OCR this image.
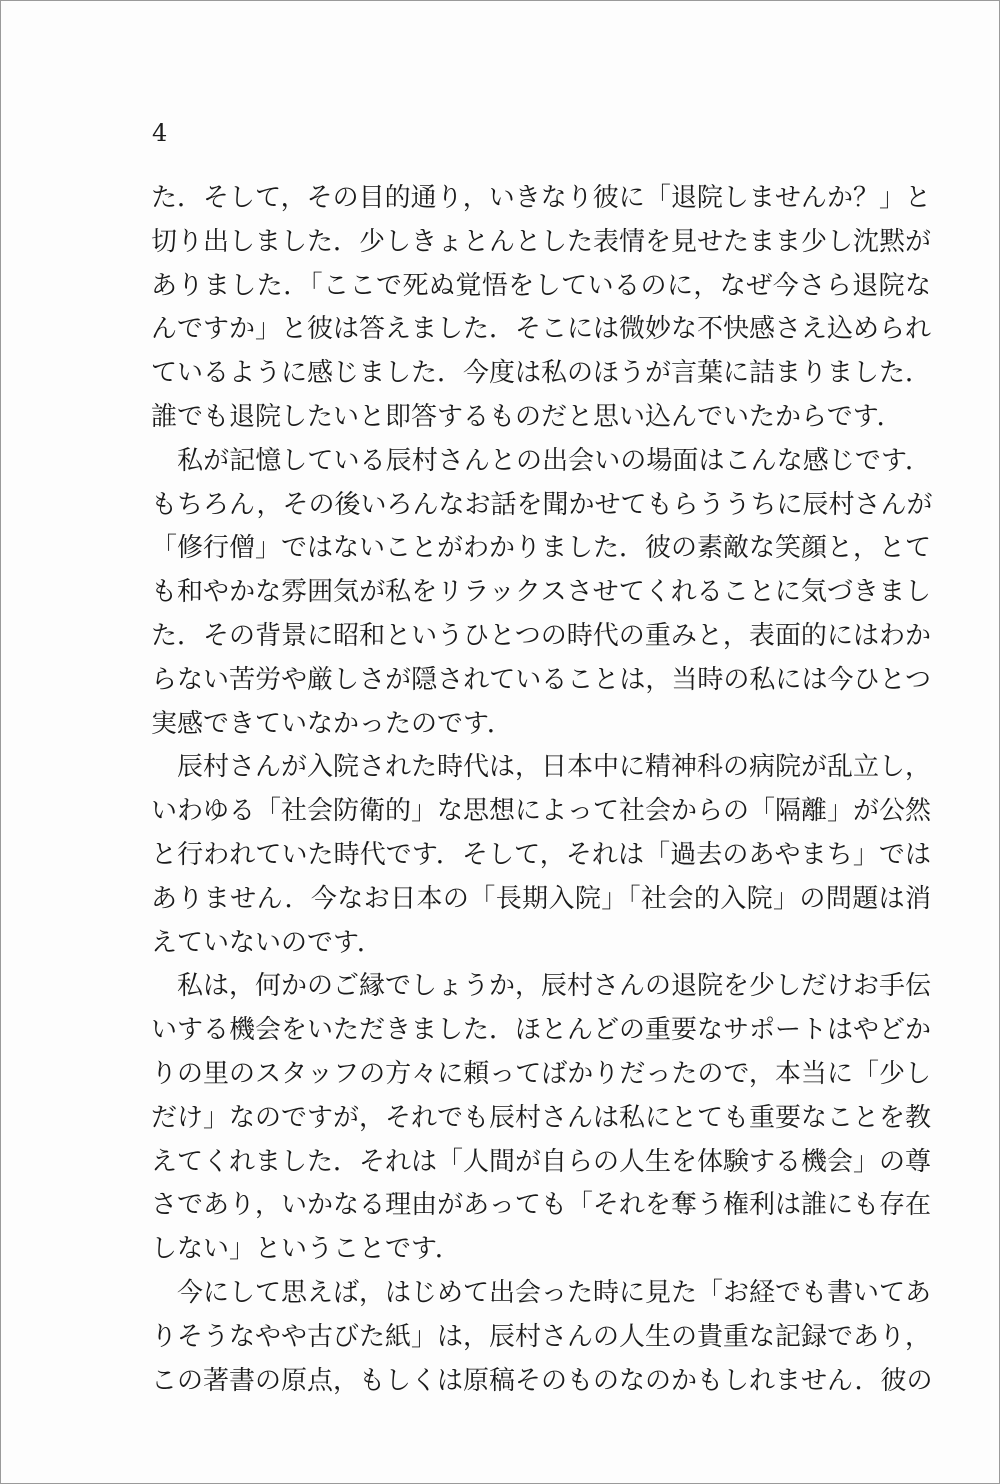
4
た．そして，その目的通り，いきなり彼に「退院しませんか？」と
切り出しました．少しきょとんとした表情を見せたまま少し沈黙が
ありました．「ここで死ぬ覚悟をしているのに，なぜ今さら退院な
んですか」と彼は答えました．そこには微妙な不快感さえ込められ
ているように感じました．今度は私のほうが言葉に詰まりました．
誰でも退院したいと即答するものだと思い込んでいたからです．
　私が記憶している辰村さんとの出会いの場面はこんな感じです．
もちろん，その後いろんなお話を聞かせてもらううちに辰村さんが
「修行僧」ではないことがわかりました．彼の素敵な笑顔と，とて
も和やかな雰囲気が私をリラックスさせてくれることに気づきまし
た．その背景に昭和というひとつの時代の重みと，表面的にはわか
らない苦労や厳しさが隠されていることは，当時の私には今ひとつ
実感できていなかったのです．
　辰村さんが入院された時代は，日本中に精神科の病院が乱立し，
いわゆる「社会防衛的」な思想によって社会からの「隔離」が公然
と行われていた時代です．そして，それは「過去のあやまち」では
ありません．今なお日本の「長期入院」「社会的入院」の問題は消
えていないのです．
　私は，何かのご縁でしょうか，辰村さんの退院を少しだけお手伝
いする機会をいただきました．ほとんどの重要なサポートはやどか
りの里のスタッフの方々に頼ってばかりだったので，本当に「少し
だけ」なのですが，それでも辰村さんは私にとても重要なことを教
えてくれました．それは「人間が自らの人生を体験する機会」の尊
さであり，いかなる理由があっても「それを奪う権利は誰にも存在
しない」ということです．
　今にして思えば，はじめて出会った時に見た「お経でも書いてあ
りそうなやや古びた紙」は，辰村さんの人生の貴重な記録であり，
この著書の原点，もしくは原稿そのものなのかもしれません．彼の
